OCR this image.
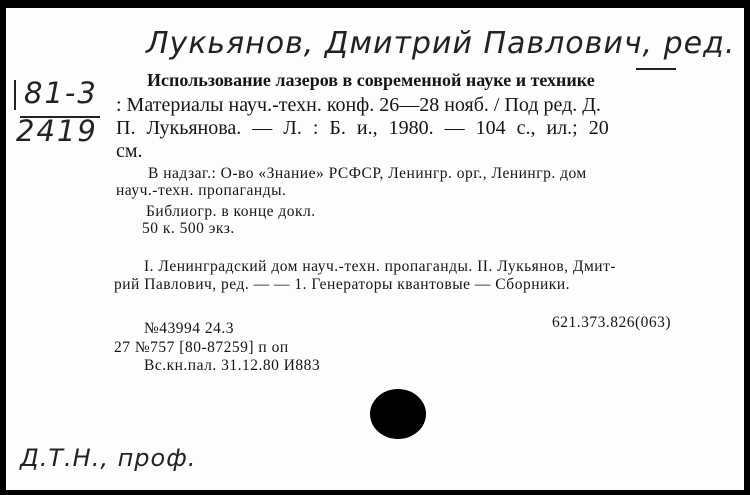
Лукьянов, Дмитрий Павлович, ред.
81-3
2419
Использование лазеров в современной науке и технике
: Материалы науч.-техн. конф. 26—28 нояб. / Под ред. Д.
П. Лукьянова. — Л. : Б. и., 1980. — 104 с., ил.; 20
см.
В надзаг.: О-во «Знание» РСФСР, Ленингр. орг., Ленингр. дом
науч.-техн. пропаганды.
Библиогр. в конце докл.
50 к. 500 экз.
I. Ленинградский дом науч.-техн. пропаганды. II. Лукьянов, Дмит-
рий Павлович, ред. — — 1. Генераторы квантовые — Сборники.
621.373.826(063)
№43994 24.3
27 №757 [80-87259] п оп
Вс.кн.пал. 31.12.80 И883
Д.Т.Н., проф.
